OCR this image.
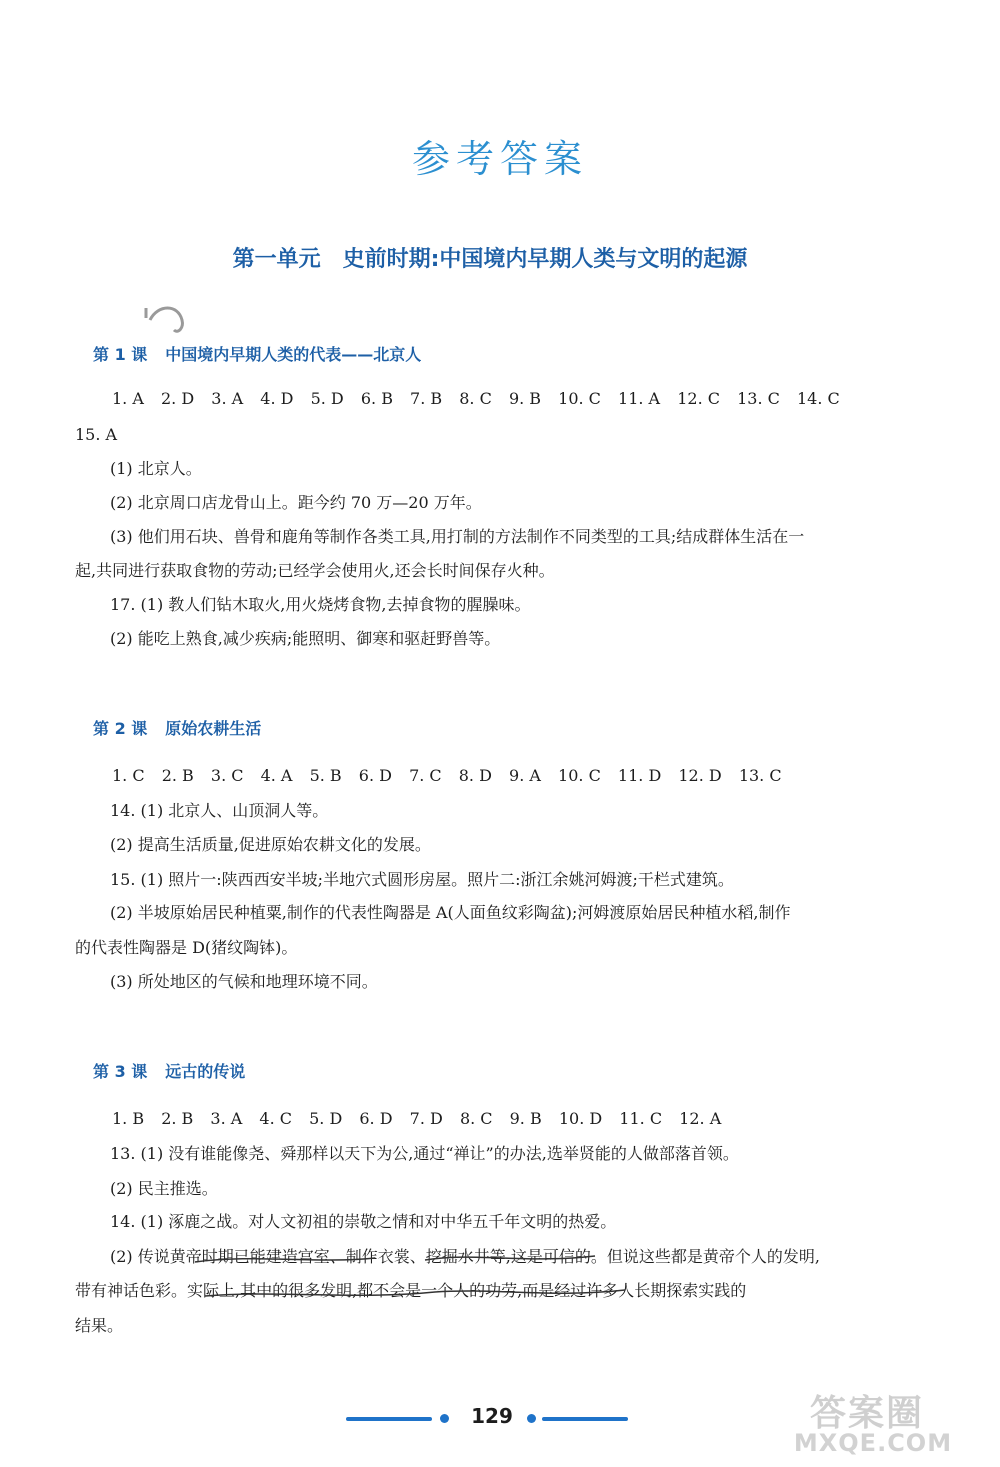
参考答案
第一单元　史前时期:中国境内早期人类与文明的起源
第 1 课 中国境内早期人类的代表——北京人
1. A 2. D 3. A 4. D 5. D 6. B 7. B 8. C 9. B 10. C 11. A 12. C 13. C 14. C
15. A
(1) 北京人。
(2) 北京周口店龙骨山上。距今约 70 万—20 万年。
(3) 他们用石块、兽骨和鹿角等制作各类工具,用打制的方法制作不同类型的工具;结成群体生活在一
起,共同进行获取食物的劳动;已经学会使用火,还会长时间保存火种。
17. (1) 教人们钻木取火,用火烧烤食物,去掉食物的腥臊味。
(2) 能吃上熟食,减少疾病;能照明、御寒和驱赶野兽等。
第 2 课 原始农耕生活
1. C 2. B 3. C 4. A 5. B 6. D 7. C 8. D 9. A 10. C 11. D 12. D 13. C
14. (1) 北京人、山顶洞人等。
(2) 提高生活质量,促进原始农耕文化的发展。
15. (1) 照片一:陕西西安半坡;半地穴式圆形房屋。照片二:浙江余姚河姆渡;干栏式建筑。
(2) 半坡原始居民种植粟,制作的代表性陶器是 A(人面鱼纹彩陶盆);河姆渡原始居民种植水稻,制作
的代表性陶器是 D(猪纹陶钵)。
(3) 所处地区的气候和地理环境不同。
第 3 课 远古的传说
1. B 2. B 3. A 4. C 5. D 6. D 7. D 8. C 9. B 10. D 11. C 12. A
13. (1) 没有谁能像尧、舜那样以天下为公,通过“禅让”的办法,选举贤能的人做部落首领。
(2) 民主推选。
14. (1) 涿鹿之战。对人文初祖的崇敬之情和对中华五千年文明的热爱。
(2) 传说黄帝时期已能建造宫室、制作衣裳、挖掘水井等,这是可信的。但说这些都是黄帝个人的发明,
带有神话色彩。实际上,其中的很多发明,都不会是一个人的功劳,而是经过许多人长期探索实践的
结果。
129	答案圈
MXQE.COM
